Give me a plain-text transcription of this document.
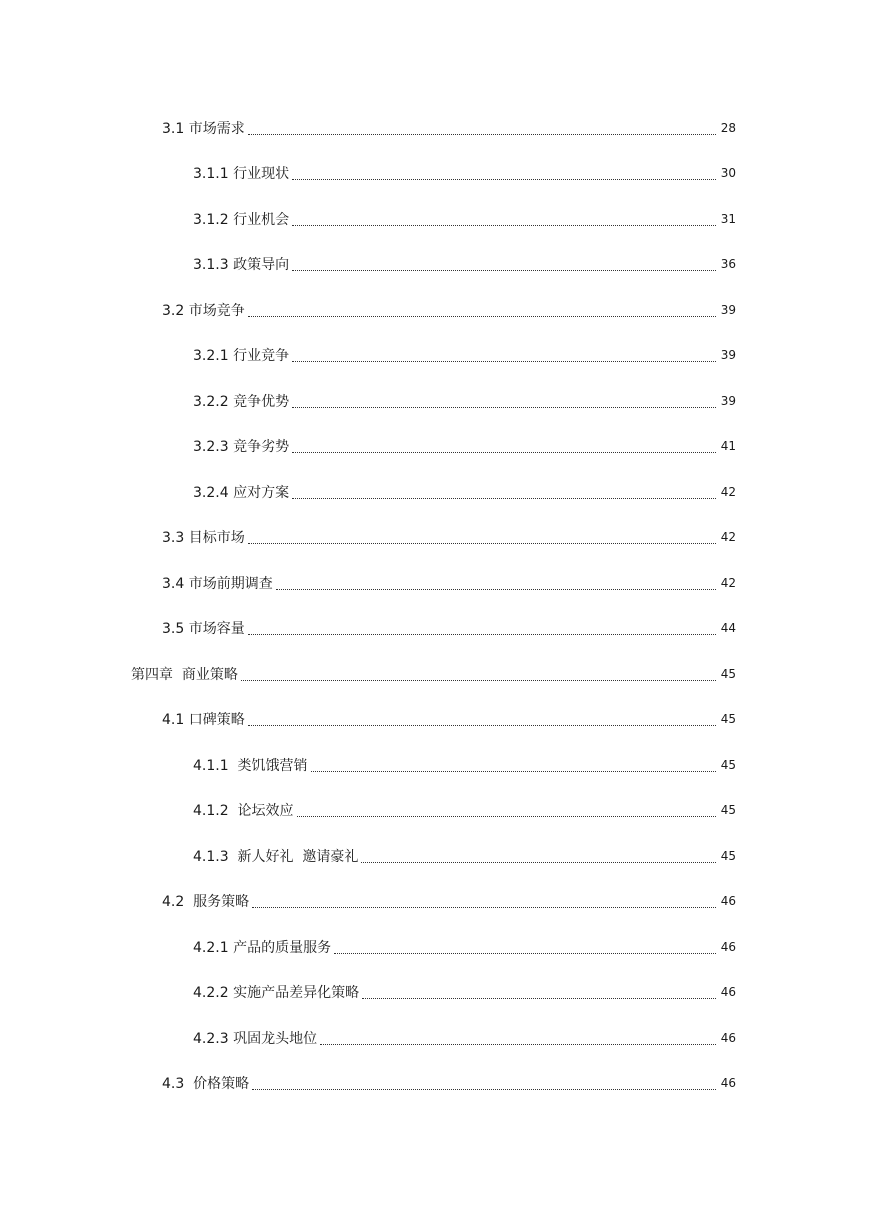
3.1 市场需求	28
3.1.1 行业现状	30
3.1.2 行业机会	31
3.1.3 政策导向	36
3.2 市场竞争	39
3.2.1 行业竞争	39
3.2.2 竞争优势	39
3.2.3 竞争劣势	41
3.2.4 应对方案	42
3.3 目标市场	42
3.4 市场前期调查	42
3.5 市场容量	44
第四章  商业策略	45
4.1 口碑策略	45
4.1.1  类饥饿营销	45
4.1.2  论坛效应	45
4.1.3  新人好礼  邀请豪礼	45
4.2  服务策略	46
4.2.1 产品的质量服务	46
4.2.2 实施产品差异化策略	46
4.2.3 巩固龙头地位	46
4.3  价格策略	46
